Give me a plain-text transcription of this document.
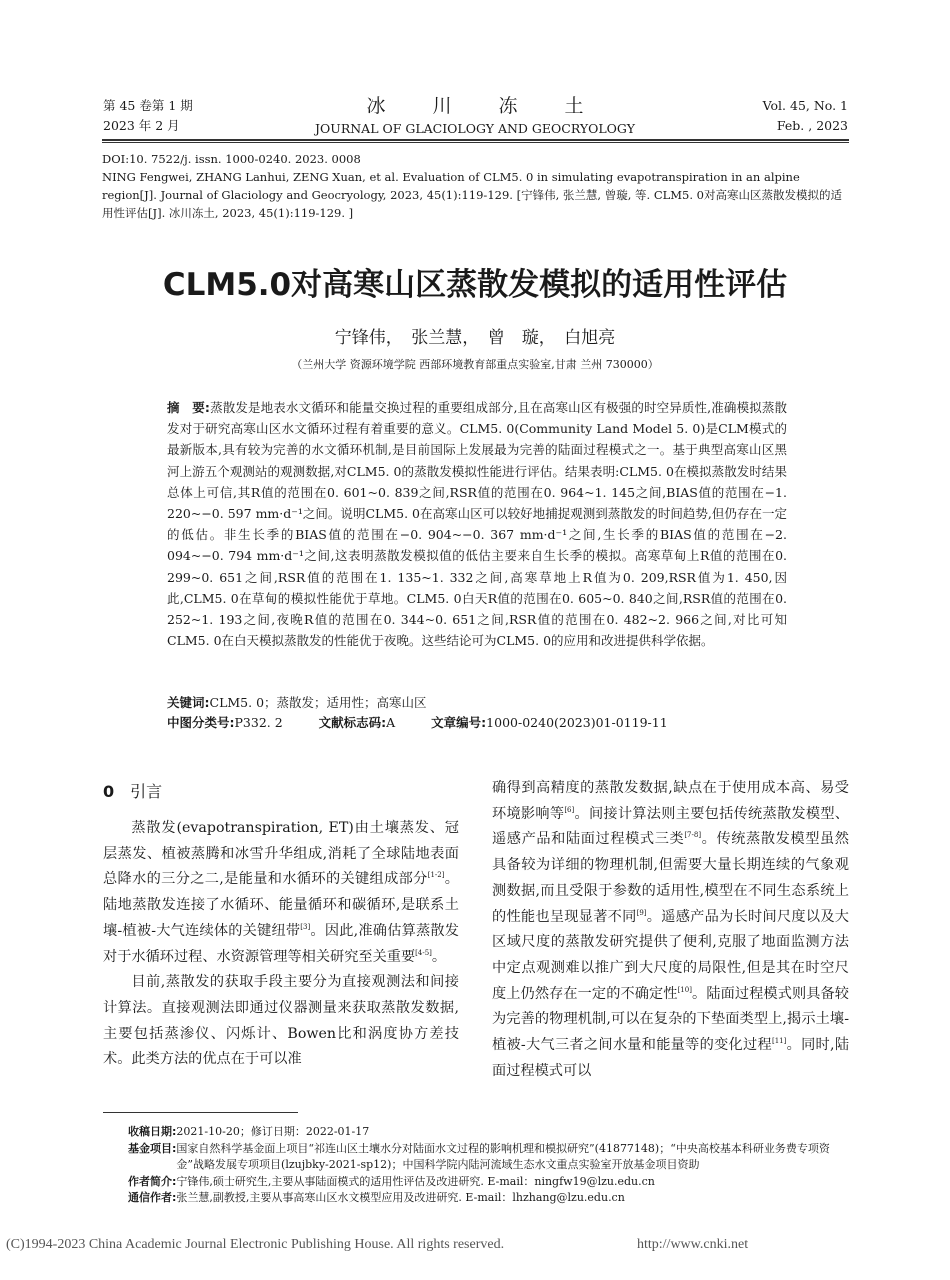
第 45 卷第 1 期
2023 年 2 月
冰　川　冻　土
JOURNAL OF GLACIOLOGY AND GEOCRYOLOGY
Vol. 45, No. 1
Feb. , 2023
DOI:10. 7522/j. issn. 1000-0240. 2023. 0008
NING Fengwei, ZHANG Lanhui, ZENG Xuan, et al. Evaluation of CLM5. 0 in simulating evapotranspiration in an alpine region[J]. Journal of Glaciology and Geocryology, 2023, 45(1):119-129. [宁锋伟, 张兰慧, 曾璇, 等. CLM5. 0对高寒山区蒸散发模拟的适用性评估[J]. 冰川冻土, 2023, 45(1):119-129. ]
CLM5.0对高寒山区蒸散发模拟的适用性评估
宁锋伟，　张兰慧，　曾　璇，　白旭亮
（兰州大学 资源环境学院 西部环境教育部重点实验室,甘肃 兰州 730000）
摘　要:蒸散发是地表水文循环和能量交换过程的重要组成部分,且在高寒山区有极强的时空异质性,准确模拟蒸散发对于研究高寒山区水文循环过程有着重要的意义。CLM5. 0(Community Land Model 5. 0)是CLM模式的最新版本,具有较为完善的水文循环机制,是目前国际上发展最为完善的陆面过程模式之一。基于典型高寒山区黑河上游五个观测站的观测数据,对CLM5. 0的蒸散发模拟性能进行评估。结果表明:CLM5. 0在模拟蒸散发时结果总体上可信,其R值的范围在0. 601~0. 839之间,RSR值的范围在0. 964~1. 145之间,BIAS值的范围在−1. 220~−0. 597 mm·d⁻¹之间。说明CLM5. 0在高寒山区可以较好地捕捉观测到蒸散发的时间趋势,但仍存在一定的低估。非生长季的BIAS值的范围在−0. 904~−0. 367 mm·d⁻¹之间,生长季的BIAS值的范围在−2. 094~−0. 794 mm·d⁻¹之间,这表明蒸散发模拟值的低估主要来自生长季的模拟。高寒草甸上R值的范围在0. 299~0. 651之间,RSR值的范围在1. 135~1. 332之间,高寒草地上R值为0. 209,RSR值为1. 450,因此,CLM5. 0在草甸的模拟性能优于草地。CLM5. 0白天R值的范围在0. 605~0. 840之间,RSR值的范围在0. 252~1. 193之间,夜晚R值的范围在0. 344~0. 651之间,RSR值的范围在0. 482~2. 966之间,对比可知CLM5. 0在白天模拟蒸散发的性能优于夜晚。这些结论可为CLM5. 0的应用和改进提供科学依据。
关键词:CLM5. 0；蒸散发；适用性；高寒山区
中图分类号:P332. 2	文献标志码:A	文章编号:1000-0240(2023)01-0119-11
0 引言

蒸散发(evapotranspiration, ET)由土壤蒸发、冠层蒸发、植被蒸腾和冰雪升华组成,消耗了全球陆地表面总降水的三分之二,是能量和水循环的关键组成部分[1-2]。陆地蒸散发连接了水循环、能量循环和碳循环,是联系土壤-植被-大气连续体的关键纽带[3]。因此,准确估算蒸散发对于水循环过程、水资源管理等相关研究至关重要[4-5]。

目前,蒸散发的获取手段主要分为直接观测法和间接计算法。直接观测法即通过仪器测量来获取蒸散发数据,主要包括蒸渗仪、闪烁计、Bowen比和涡度协方差技术。此类方法的优点在于可以准

确得到高精度的蒸散发数据,缺点在于使用成本高、易受环境影响等[6]。间接计算法则主要包括传统蒸散发模型、遥感产品和陆面过程模式三类[7-8]。传统蒸散发模型虽然具备较为详细的物理机制,但需要大量长期连续的气象观测数据,而且受限于参数的适用性,模型在不同生态系统上的性能也呈现显著不同[9]。遥感产品为长时间尺度以及大区域尺度的蒸散发研究提供了便利,克服了地面监测方法中定点观测难以推广到大尺度的局限性,但是其在时空尺度上仍然存在一定的不确定性[10]。陆面过程模式则具备较为完善的物理机制,可以在复杂的下垫面类型上,揭示土壤-植被-大气三者之间水量和能量等的变化过程[11]。同时,陆面过程模式可以

收稿日期: 2021-10-20；修订日期：2022-01-17
基金项目: 国家自然科学基金面上项目“祁连山区土壤水分对陆面水文过程的影响机理和模拟研究”(41877148)；“中央高校基本科研业务费专项资金”战略发展专项项目(lzujbky-2021-sp12)；中国科学院内陆河流域生态水文重点实验室开放基金项目资助
作者简介: 宁锋伟,硕士研究生,主要从事陆面模式的适用性评估及改进研究. E-mail：ningfw19@lzu.edu.cn
通信作者: 张兰慧,副教授,主要从事高寒山区水文模型应用及改进研究. E-mail：lhzhang@lzu.edu.cn
(C)1994-2023 China Academic Journal Electronic Publishing House. All rights reserved.	http://www.cnki.net
